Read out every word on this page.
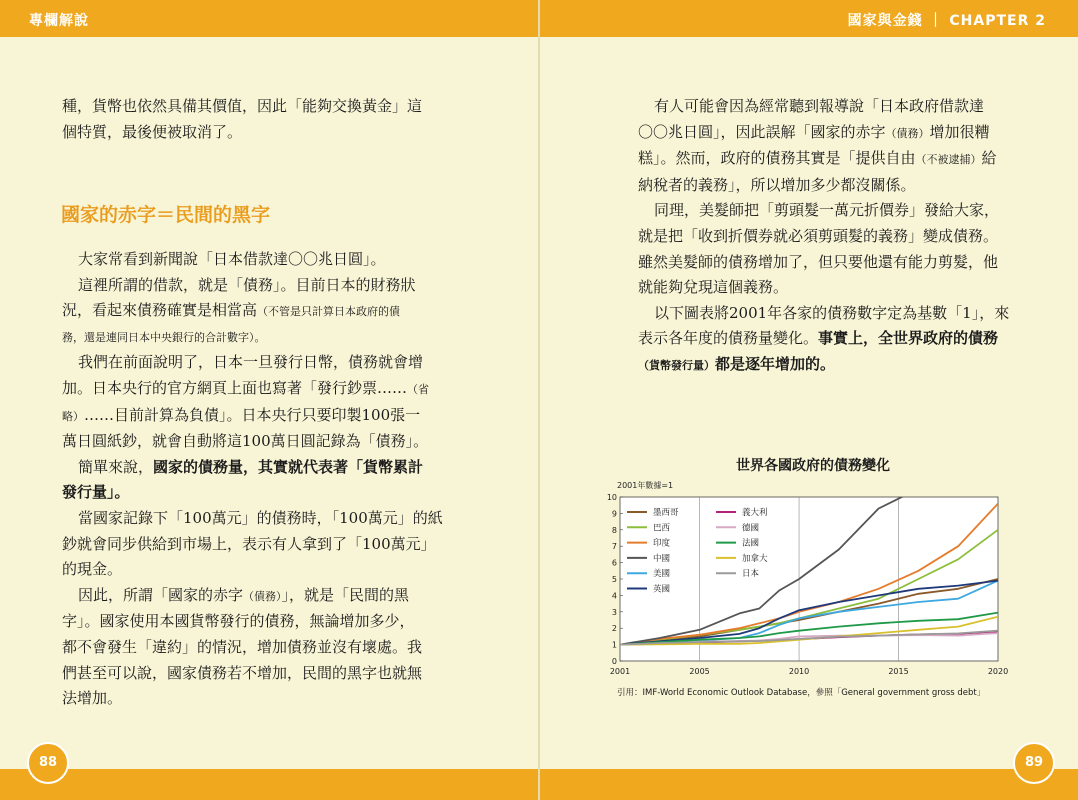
專欄解說

種，貨幣也依然具備其價值，因此「能夠交換黃金」這

個特質，最後便被取消了。

國家的赤字＝民間的黑字

大家常看到新聞說「日本借款達〇〇兆日圓」。

這裡所謂的借款，就是「債務」。目前日本的財務狀

況，看起來債務確實是相當高（不管是只計算日本政府的債

務，還是連同日本中央銀行的合計數字）。

我們在前面說明了，日本一旦發行日幣，債務就會增

加。日本央行的官方網頁上面也寫著「發行鈔票……（省

略）……目前計算為負債」。日本央行只要印製100張一

萬日圓紙鈔，就會自動將這100萬日圓記錄為「債務」。

簡單來說，國家的債務量，其實就代表著「貨幣累計

發行量」。

當國家記錄下「100萬元」的債務時，「100萬元」的紙

鈔就會同步供給到市場上，表示有人拿到了「100萬元」

的現金。

因此，所謂「國家的赤字（債務）」，就是「民間的黑

字」。國家使用本國貨幣發行的債務，無論增加多少，

都不會發生「違約」的情況，增加債務並沒有壞處。我

們甚至可以說，國家債務若不增加，民間的黑字也就無

法增加。

88
國家與金錢 ｜ CHAPTER 2

有人可能會因為經常聽到報導說「日本政府借款達

〇〇兆日圓」，因此誤解「國家的赤字（債務）增加很糟

糕」。然而，政府的債務其實是「提供自由（不被逮捕）給

納稅者的義務」，所以增加多少都沒關係。

同理，美髮師把「剪頭髮一萬元折價券」發給大家，

就是把「收到折價券就必須剪頭髮的義務」變成債務。

雖然美髮師的債務增加了，但只要他還有能力剪髮，他

就能夠兌現這個義務。

以下圖表將2001年各家的債務數字定為基數「1」，來

表示各年度的債務量變化。事實上，全世界政府的債務

（貨幣發行量）都是逐年增加的。

世界各國政府的債務變化
2001年數據=1
0
1
2
3
4
5
6
7
8
9
10
2001	2005	2010	2015	2020
墨西哥
巴西
印度
中國
美國
英國
義大利
德國
法國
加拿大
日本
引用：IMF-World Economic Outlook Database，參照「General government gross debt」
89
